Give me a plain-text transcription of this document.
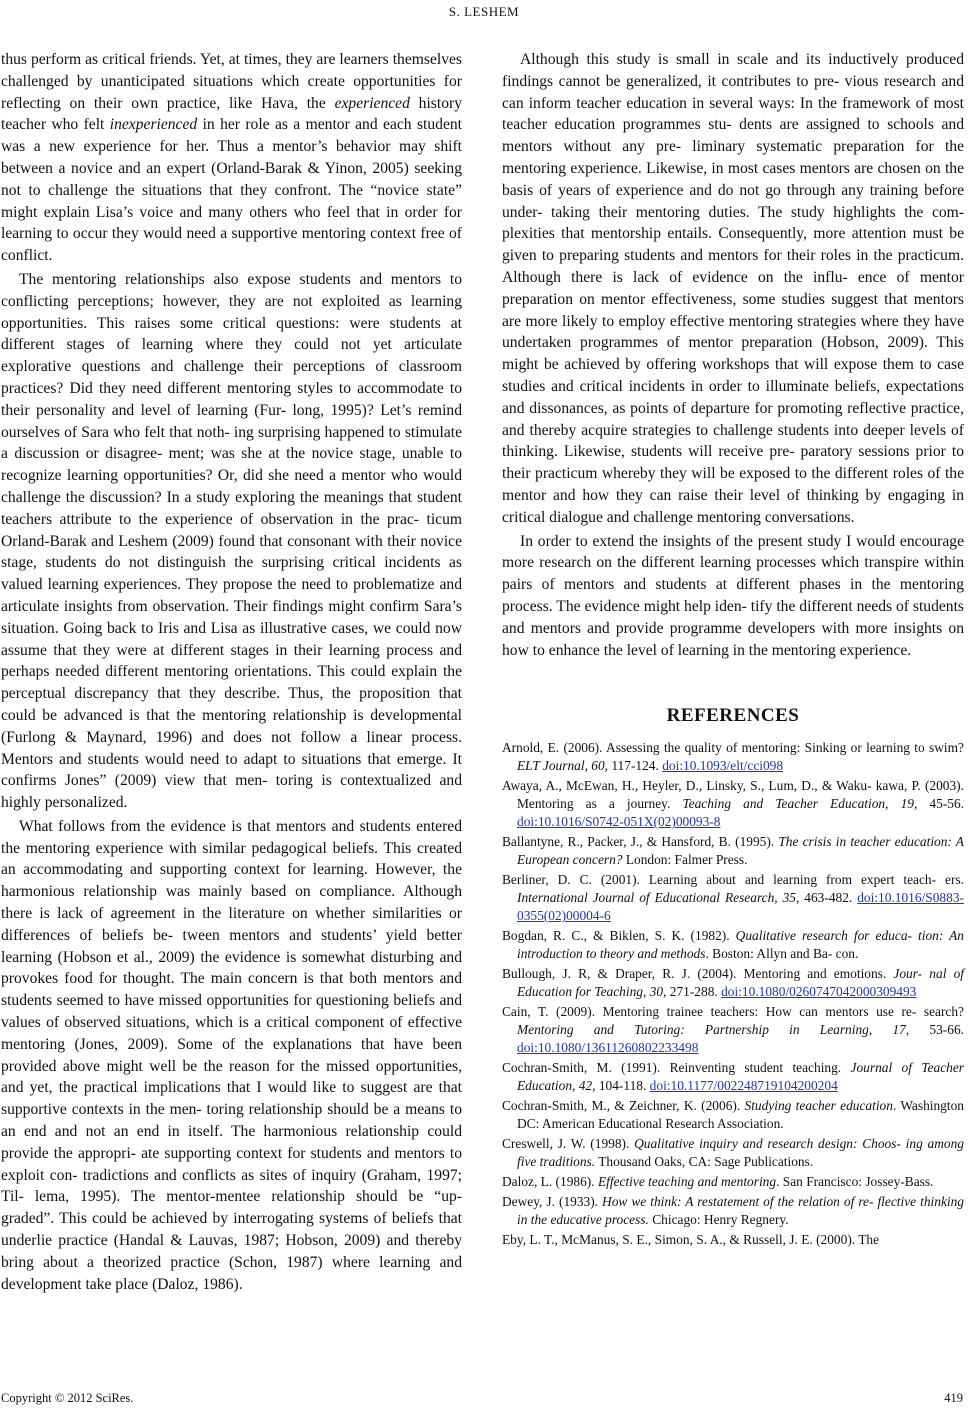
S. LESHEM

thus perform as critical friends. Yet, at times, they are learners themselves challenged by unanticipated situations which create opportunities for reflecting on their own practice, like Hava, the experienced history teacher who felt inexperienced in her role as a mentor and each student was a new experience for her. Thus a mentor’s behavior may shift between a novice and an expert (Orland-Barak & Yinon, 2005) seeking not to challenge the situations that they confront. The “novice state” might explain Lisa’s voice and many others who feel that in order for learning to occur they would need a supportive mentoring context free of conflict.

The mentoring relationships also expose students and mentors to conflicting perceptions; however, they are not exploited as learning opportunities. This raises some critical questions: were students at different stages of learning where they could not yet articulate explorative questions and challenge their perceptions of classroom practices? Did they need different mentoring styles to accommodate to their personality and level of learning (Fur- long, 1995)? Let’s remind ourselves of Sara who felt that noth- ing surprising happened to stimulate a discussion or disagree- ment; was she at the novice stage, unable to recognize learning opportunities? Or, did she need a mentor who would challenge the discussion? In a study exploring the meanings that student teachers attribute to the experience of observation in the prac- ticum Orland-Barak and Leshem (2009) found that consonant with their novice stage, students do not distinguish the surprising critical incidents as valued learning experiences. They propose the need to problematize and articulate insights from observation. Their findings might confirm Sara’s situation. Going back to Iris and Lisa as illustrative cases, we could now assume that they were at different stages in their learning process and perhaps needed different mentoring orientations. This could explain the perceptual discrepancy that they describe. Thus, the proposition that could be advanced is that the mentoring relationship is developmental (Furlong & Maynard, 1996) and does not follow a linear process. Mentors and students would need to adapt to situations that emerge. It confirms Jones” (2009) view that men- toring is contextualized and highly personalized.

What follows from the evidence is that mentors and students entered the mentoring experience with similar pedagogical beliefs. This created an accommodating and supporting context for learning. However, the harmonious relationship was mainly based on compliance. Although there is lack of agreement in the literature on whether similarities or differences of beliefs be- tween mentors and students’ yield better learning (Hobson et al., 2009) the evidence is somewhat disturbing and provokes food for thought. The main concern is that both mentors and students seemed to have missed opportunities for questioning beliefs and values of observed situations, which is a critical component of effective mentoring (Jones, 2009). Some of the explanations that have been provided above might well be the reason for the missed opportunities, and yet, the practical implications that I would like to suggest are that supportive contexts in the men- toring relationship should be a means to an end and not an end in itself. The harmonious relationship could provide the appropri- ate supporting context for students and mentors to exploit con- tradictions and conflicts as sites of inquiry (Graham, 1997; Til- lema, 1995). The mentor-mentee relationship should be “up- graded”. This could be achieved by interrogating systems of beliefs that underlie practice (Handal & Lauvas, 1987; Hobson, 2009) and thereby bring about a theorized practice (Schon, 1987) where learning and development take place (Daloz, 1986).

Although this study is small in scale and its inductively produced findings cannot be generalized, it contributes to pre- vious research and can inform teacher education in several ways: In the framework of most teacher education programmes stu- dents are assigned to schools and mentors without any pre- liminary systematic preparation for the mentoring experience. Likewise, in most cases mentors are chosen on the basis of years of experience and do not go through any training before under- taking their mentoring duties. The study highlights the com- plexities that mentorship entails. Consequently, more attention must be given to preparing students and mentors for their roles in the practicum. Although there is lack of evidence on the influ- ence of mentor preparation on mentor effectiveness, some studies suggest that mentors are more likely to employ effective mentoring strategies where they have undertaken programmes of mentor preparation (Hobson, 2009). This might be achieved by offering workshops that will expose them to case studies and critical incidents in order to illuminate beliefs, expectations and dissonances, as points of departure for promoting reflective practice, and thereby acquire strategies to challenge students into deeper levels of thinking. Likewise, students will receive pre- paratory sessions prior to their practicum whereby they will be exposed to the different roles of the mentor and how they can raise their level of thinking by engaging in critical dialogue and challenge mentoring conversations.

In order to extend the insights of the present study I would encourage more research on the different learning processes which transpire within pairs of mentors and students at different phases in the mentoring process. The evidence might help iden- tify the different needs of students and mentors and provide programme developers with more insights on how to enhance the level of learning in the mentoring experience.

REFERENCES
Arnold, E. (2006). Assessing the quality of mentoring: Sinking or learning to swim? ELT Journal, 60, 117-124. doi:10.1093/elt/cci098
Awaya, A., McEwan, H., Heyler, D., Linsky, S., Lum, D., & Waku- kawa, P. (2003). Mentoring as a journey. Teaching and Teacher Education, 19, 45-56. doi:10.1016/S0742-051X(02)00093-8
Ballantyne, R., Packer, J., & Hansford, B. (1995). The crisis in teacher education: A European concern? London: Falmer Press.
Berliner, D. C. (2001). Learning about and learning from expert teach- ers. International Journal of Educational Research, 35, 463-482. doi:10.1016/S0883-0355(02)00004-6
Bogdan, R. C., & Biklen, S. K. (1982). Qualitative research for educa- tion: An introduction to theory and methods. Boston: Allyn and Ba- con.
Bullough, J. R, & Draper, R. J. (2004). Mentoring and emotions. Jour- nal of Education for Teaching, 30, 271-288. doi:10.1080/0260747042000309493
Cain, T. (2009). Mentoring trainee teachers: How can mentors use re- search? Mentoring and Tutoring: Partnership in Learning, 17, 53-66. doi:10.1080/13611260802233498
Cochran-Smith, M. (1991). Reinventing student teaching. Journal of Teacher Education, 42, 104-118. doi:10.1177/002248719104200204
Cochran-Smith, M., & Zeichner, K. (2006). Studying teacher education. Washington DC: American Educational Research Association.
Creswell, J. W. (1998). Qualitative inquiry and research design: Choos- ing among five traditions. Thousand Oaks, CA: Sage Publications.
Daloz, L. (1986). Effective teaching and mentoring. San Francisco: Jossey-Bass.
Dewey, J. (1933). How we think: A restatement of the relation of re- flective thinking in the educative process. Chicago: Henry Regnery.
Eby, L. T., McManus, S. E., Simon, S. A., & Russell, J. E. (2000). The
Copyright © 2012 SciRes.	419
